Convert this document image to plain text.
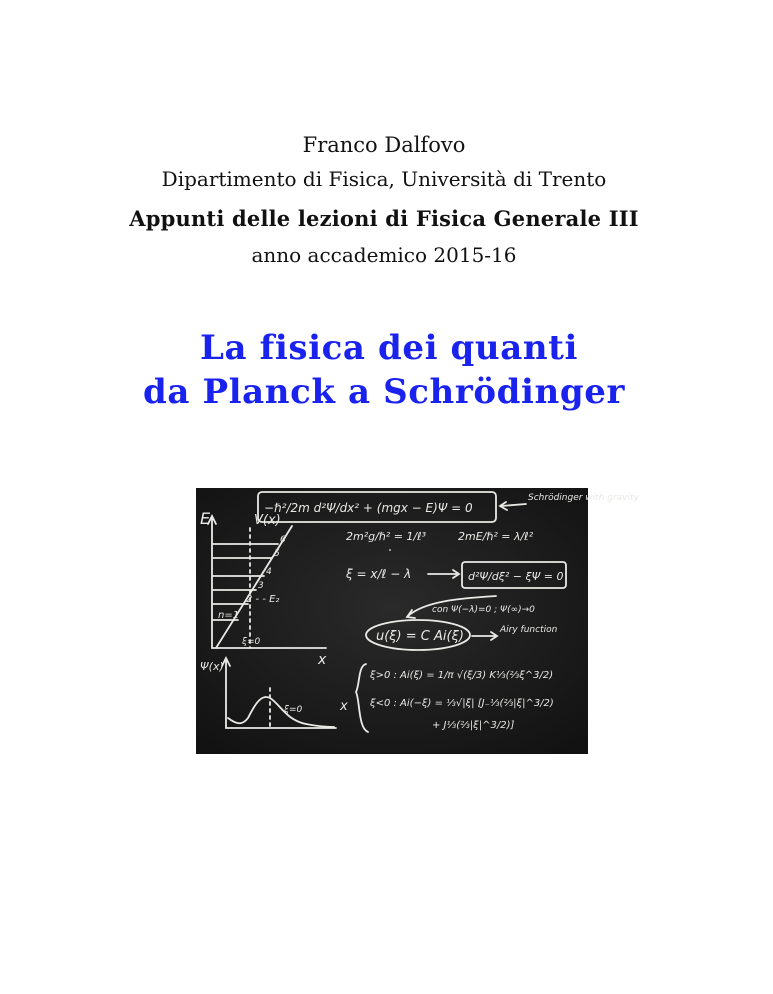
Franco Dalfovo
Dipartimento di Fisica, Università di Trento
Appunti delle lezioni di Fisica Generale III
anno accademico 2015-16
La fisica dei quanti
da Planck a Schrödinger
Schrödinger with gravity
E	V(x)
6
5
4
3
2 - - E₂
n=1
ξ=0
x
Ψ(x)
ξ=0	x
−ℏ²/2m d²Ψ/dx² + (mgx − E)Ψ = 0
2m²g/ℏ² = 1/ℓ³	2mE/ℏ² = λ/ℓ²
ξ = x/ℓ − λ	d²Ψ/dξ² − ξΨ = 0
con Ψ(−λ)=0 ; Ψ(∞)→0
u(ξ) = C Ai(ξ)	Airy function
ξ>0 : Ai(ξ) = 1/π √(ξ/3) K⅓(⅔ξ^3/2)
ξ<0 : Ai(−ξ) = ⅓√|ξ| [J₋⅓(⅔|ξ|^3/2)
+ J⅓(⅔|ξ|^3/2)]
